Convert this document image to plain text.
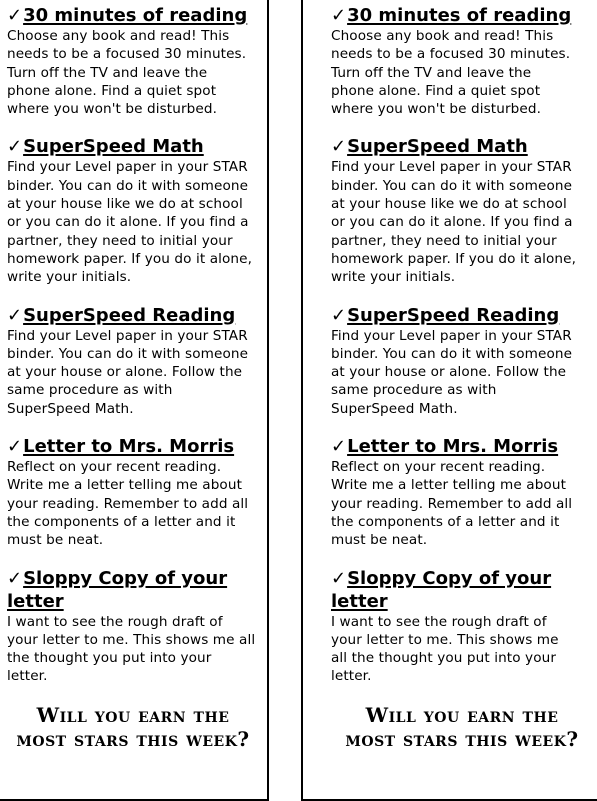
✓30 minutes of reading
Choose any book and read! This
needs to be a focused 30 minutes.
Turn off the TV and leave the
phone alone. Find a quiet spot
where you won't be disturbed.
✓SuperSpeed Math
Find your Level paper in your STAR
binder. You can do it with someone
at your house like we do at school
or you can do it alone. If you find a
partner, they need to initial your
homework paper. If you do it alone,
write your initials.
✓SuperSpeed Reading
Find your Level paper in your STAR
binder. You can do it with someone
at your house or alone. Follow the
same procedure as with
SuperSpeed Math.
✓Letter to Mrs. Morris
Reflect on your recent reading.
Write me a letter telling me about
your reading. Remember to add all
the components of a letter and it
must be neat.
✓Sloppy Copy of your
letter
I want to see the rough draft of
your letter to me. This shows me all
the thought you put into your
letter.
Will you earn the
most stars this week?
✓30 minutes of reading
Choose any book and read! This
needs to be a focused 30 minutes.
Turn off the TV and leave the
phone alone. Find a quiet spot
where you won't be disturbed.
✓SuperSpeed Math
Find your Level paper in your STAR
binder. You can do it with someone
at your house like we do at school
or you can do it alone. If you find a
partner, they need to initial your
homework paper. If you do it alone,
write your initials.
✓SuperSpeed Reading
Find your Level paper in your STAR
binder. You can do it with someone
at your house or alone. Follow the
same procedure as with
SuperSpeed Math.
✓Letter to Mrs. Morris
Reflect on your recent reading.
Write me a letter telling me about
your reading. Remember to add all
the components of a letter and it
must be neat.
✓Sloppy Copy of your
letter
I want to see the rough draft of
your letter to me. This shows me
all the thought you put into your
letter.
Will you earn the
most stars this week?
